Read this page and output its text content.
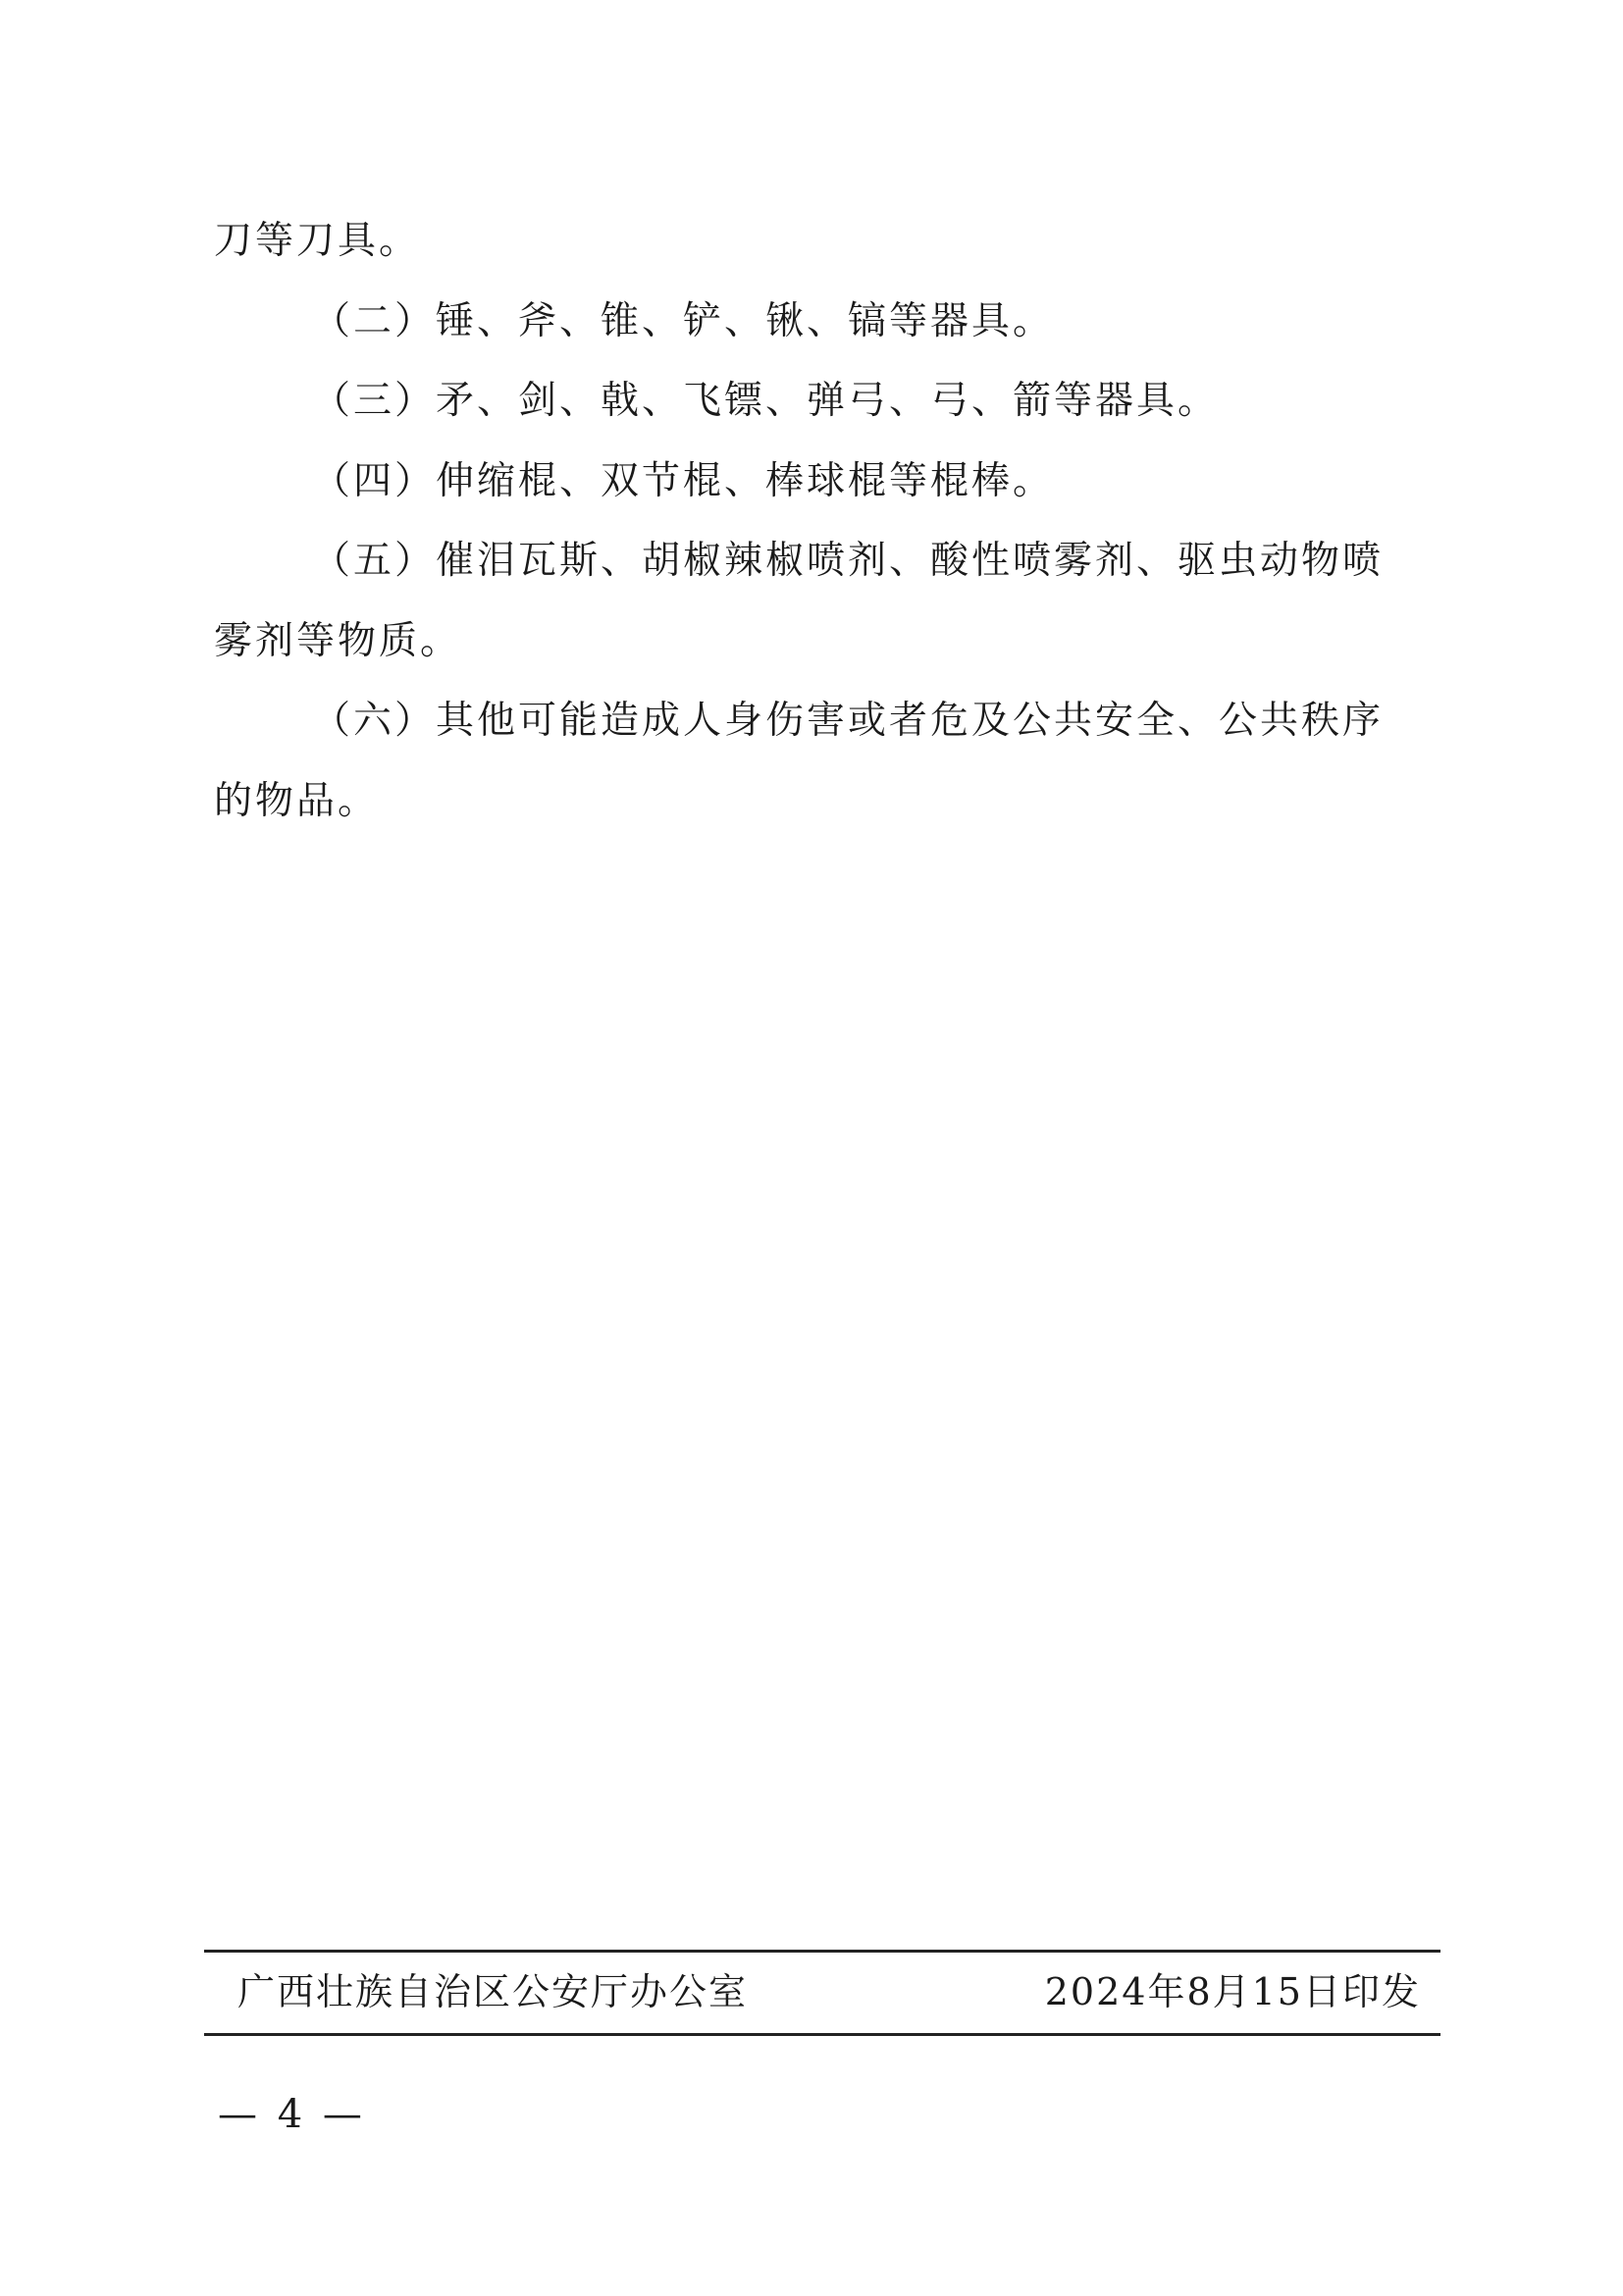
刀等刀具。

（二）锤、斧、锥、铲、锹、镐等器具。

（三）矛、剑、戟、飞镖、弹弓、弓、箭等器具。

（四）伸缩棍、双节棍、棒球棍等棍棒。

（五）催泪瓦斯、胡椒辣椒喷剂、酸性喷雾剂、驱虫动物喷雾剂等物质。

（六）其他可能造成人身伤害或者危及公共安全、公共秩序的物品。

广西壮族自治区公安厅办公室	2024年8月15日印发
— 4 —
